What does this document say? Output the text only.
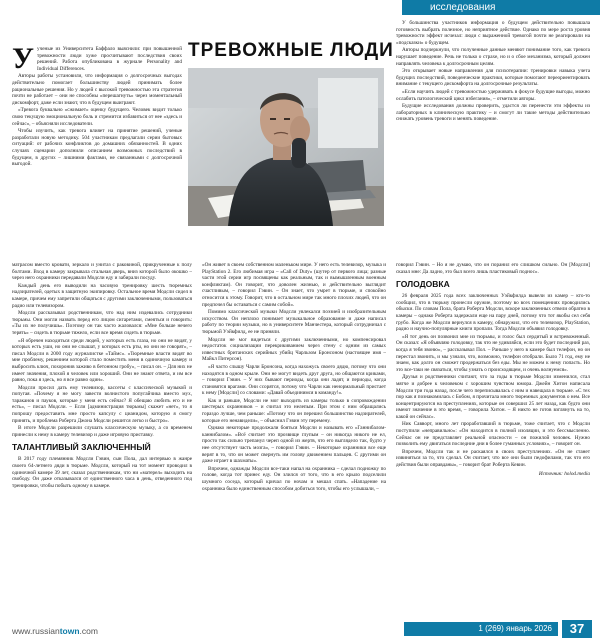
исследования
У ученые из Университета Баффало выяснили: при повышенной тревожности люди хуже просчитывают последствия своих решений. Работа опубликована в журнале Personality and Individual Differences.

Авторы работы установили, что информация о долгосрочных выгодах действительно помогает большинству людей принимать более рациональные решения. Но у людей с высокой тревожностью эта стратегия почти не работает – они не способны «перешагнуть» через моментальный дискомфорт, даже если знают, что в будущем выиграют.

«Тревога буквально «сжимает» оценку будущего. Человек видит только свою текущую эмоциональную боль и стремится избавиться от нее «здесь и сейчас», – объясняли исследователи.

Чтобы изучить, как тревога влияет на принятие решений, ученые разработали новую методику. 504 участникам предлагали серии бытовых ситуаций: от рабочих конфликтов до домашних обязанностей. В одних случаях сценарии дополнили описанием возможных последствий в будущем, в других – лишними фактами, не связанными с долгосрочной выгодой.

ТРЕВОЖНЫЕ ЛЮДИ

У большинства участников информация о будущем действительно повышала готовность выбрать полезное, но неприятное действие. Однако по мере роста уровня тревожности эффект исчезал: люди с выраженной тревогой почти не реагировали на «подсказки» о будущем.

Авторы подчеркнули, что полученные данные меняют понимание того, как тревога нарушает поведение. Речь не только о страхе, но и о сбое механизма, который должен направлять человека к долгосрочным целям.

Это открывает новые направления для психотерапии: тренировки навыка учета будущих последствий, поведенческие практики, которые помогают переориентировать внимание с текущего дискомфорта на долгосрочные результаты.

«Если научить людей с тревожностью удерживать в фокусе будущие выгоды, можно ослабить патологический цикл избегания», – отметили авторы.

Будущие исследования должны проверить, удастся ли перенести эти эффекты из лабораторных в клиническую практику – и смогут ли такие методы действительно снижать уровень тревоги и менять поведение.

матрасом вместо кровати, зеркало и унитаз с раковиной, прикрученные к полу болтами. Вход в камеру закрывала стальная дверь, вниз которой было окошко – через него охранники передавали Модсли еду и забирали посуду.

Каждый день его выводили на часовую тренировку шесть тюремных надзирателей, одетых в защитную экипировку. Остальное время Модсли сидел в камере, причем ему запретили общаться с другими заключенными, пользоваться радио или телевизором.

Модсли рассказывал родственникам, что над ним издевались сотрудники тюрьмы. Они могли назвать перед его лицом сигаретами, смеяться и говорить: «Ты их не получишь». Поэтому он так часто жаловался: «Мне больше нечего терять» – сидеть в тюрьме тяжело, если все время сидеть в тюрьме.

«Я обречен находиться среди людей, у которых есть глаза, но они не видят, у которых есть уши, но они не слышат, у которых есть рты, но они не говорят», – писал Модсли в 2000 году журналистке «Таймс». «Тюремные власти видят во мне проблему, решением которой стало поместить меня в одиночную камеру и выбросить ключ, похоронив заживо в бетонном гробу», – писал он. – Для них не имеет значения, плохой я человек или хороший. Они не знают ответа, и им все равно, пока я здесь, но я все равно один».

Модсли просил дать ему телевизор, кассеты с классической музыкой и попугая. «Почему я не могу завести волнистого попугайчика вместо мух, тараканов и пауков, которые у меня есть сейчас? Я обещаю любить его и не есть», – писал Модсли. – Если [администрация тюрьмы] скажет «нет», то я попрошу предоставить мне просто капсулу с цианидом, которую я смогу принять, и проблема Роберта Джона Модсли решится легко и быстро».

В итоге Модсли разрешили слушать классическую музыку, а со временем принесли к нему в камеру телевизор и даже игровую приставку.

ТАЛАНТЛИВЫЙ ЗАКЛЮЧЕННЫЙ

В 2017 году племянник Модсли Гэвин, сын Пола, дал интервью в жанре своего 64-летнего дяди в тюрьме. Модсли, который на тот момент проводил в одиночной камере 39 лет, сказал родственникам, что ни «матерел» выходить на свободу. Он даже отказывался от единственного часа в день, отведенного под тренировки, чтобы побыть одному в камере.

«Он живет в своем собственном маленьком мире. У него есть телевизор, музыка и PlayStation 2. Его любимая игра – «Call of Duty» (шутер от первого лица; разные части этой серии игр посвящены как реальным, так и вымышленным военным конфликтам). Он говорит, что доволен жизнью, и действительно выглядит счастливым, – говорил Гэвин. – Он знает, что умрет в тюрьме, и спокойно относится к этому. Говорит, что в остальном мире так много плохих людей, что он предпочел бы оставаться с самим собой».

Помимо классической музыки Модсли увлекался поэзией и изобразительным искусством. Он неплохо понимает музыкальное образование и даже написал работу по теории музыки, но в университете Манчестера, который сотрудничал с тюрьмой Уэйкфилд, ее не приняли.

Модсли не мог видеться с другими заключенными, но компенсировал недостаток социализации перекрикиванием через стену с одним из самых известных британских серийных убийц Чарльзом Бронсоном (настоящее имя – Майкл Питерсон).

«Я часто слышу Чарли Бронсона, когда нахожусь своего дядю, потому что они находятся в одном крыле. Они не могут видеть друг друга, но общаются криками, – говорил Гэвин. – У них бывают периоды, когда они ладят, и периоды, когда становятся врагами. Они ссорятся, потому что Чарли как ненормальный пристает к нему [Модсли] со словами: «Давай объединимся в команду!».

Как и раньше, Модсли не мог выходить из камеры только в сопровождении шестерых охранников – и считал это нелепым. При этом с ним обращались гораздо лучше, чем раньше: «Потому что он перешел большинство надзирателей, которые его ненавидели», – объяснил Гэвин эту перемену.

Однако некоторые продолжали бояться Модсли и называть его «Ганнибалом-каннибалом». «Всё считает это прозвище глупым – он никогда никого не ел, просто так сильно трепанул череп одной из жертв, что его выглядело так, будто у нее отсутствует часть мозга», – говорил Гэвин. – Некоторые охранники все еще верят в то, что он может свернуть им голову движением пальцев. С другими он даже играет в шахматы».

Впрочем, однажды Модсли все-таки напал на охранника – сделал подножку по голове, когда тот принес еду. Он злился от того, что в его крыло подселили шумного соседа, который кричал по ночам и мешал спать. «Нападение на охранника было единственным способом добиться того, чтобы его услышали, –

говорил Гэвин. – Но я не думаю, что он поранил его слишком сильно. Он [Модсли] сказал мне: Да ладно, это был всего лишь пластиковый поднос».

ГОЛОДОВКА

26 февраля 2025 года всех заключенных Уэйкфилда вывели из камер – кто-то сообщил, что в тюрьму пронесли оружие, поэтому во всех помещениях проводились обыски. По словам Пола, брата Роберта Модсли, вскоре заключенных отвели обратно в камеры – однако Роберта задержали еще на пару дней, потому что тот якобы сел себя грубо. Когда же Модсли вернулся в камеру, обнаружил, что его телевизор, PlayStation, радио и научно-популярные книги пропали. Тогда Модсли объявил голодовку.

«Я тот день он позвонил мне из тюрьмы, и голос был сердитый и встревоженный. Он сказал: «Я объявляю голодовку, так что не удивляйся, если это будет последний раз, когда я тебя звоню», – рассказывал Пол. – Раньше у него в камере был телефон, но он перестал звонить, и мы узнали, что, возможно, телефон отобрали. Было 71 год, ему не знаем, как долго он сможет продержаться без еды. Мы не можем к нему попасть. Но это все-таки не связаться, чтобы узнать о происходящем, и очень волнуемся».

Друзья и родственники считают, что за годы в тюрьме Модсли изменился, стал мягче и добрее к человеком с хорошим чувством юмора. Джейн Хитон написала Модсли три года назад, после чего переписывалась с ним и навещала в тюрьме. «С тех пор как я познакомилась с Бобом, я прочитала много тюремных документов о нем. Все концентрируются на преступлениях, которые он совершил 25 лет назад, как будто они имеют значение в это время, – говорила Хитон. – Я никто не готов взглянуть на то, какой он сейчас».

Ник Савворт, много лет проработавший в тюрьме, тоже считает, что с Модсли поступили «неправильно»: «Он находится в полной изоляции, и это бессмысленно. Сейчас он не представляет реальной опасности – он пожилой человек. Нужно позволить ему двигаться последние дни в более гуманных условиях», – говорит он.

Впрочем, Модсли так и не раскаялся в своих преступлениях. «Он не станет извиняться за то, что сделал. Он считает, что все они были педофилами, так что его действия были оправданы», – говорит брат Роберта Кевин.

Источник: holod.media
www.russiantown.com	1 (269) январь 2026	37
